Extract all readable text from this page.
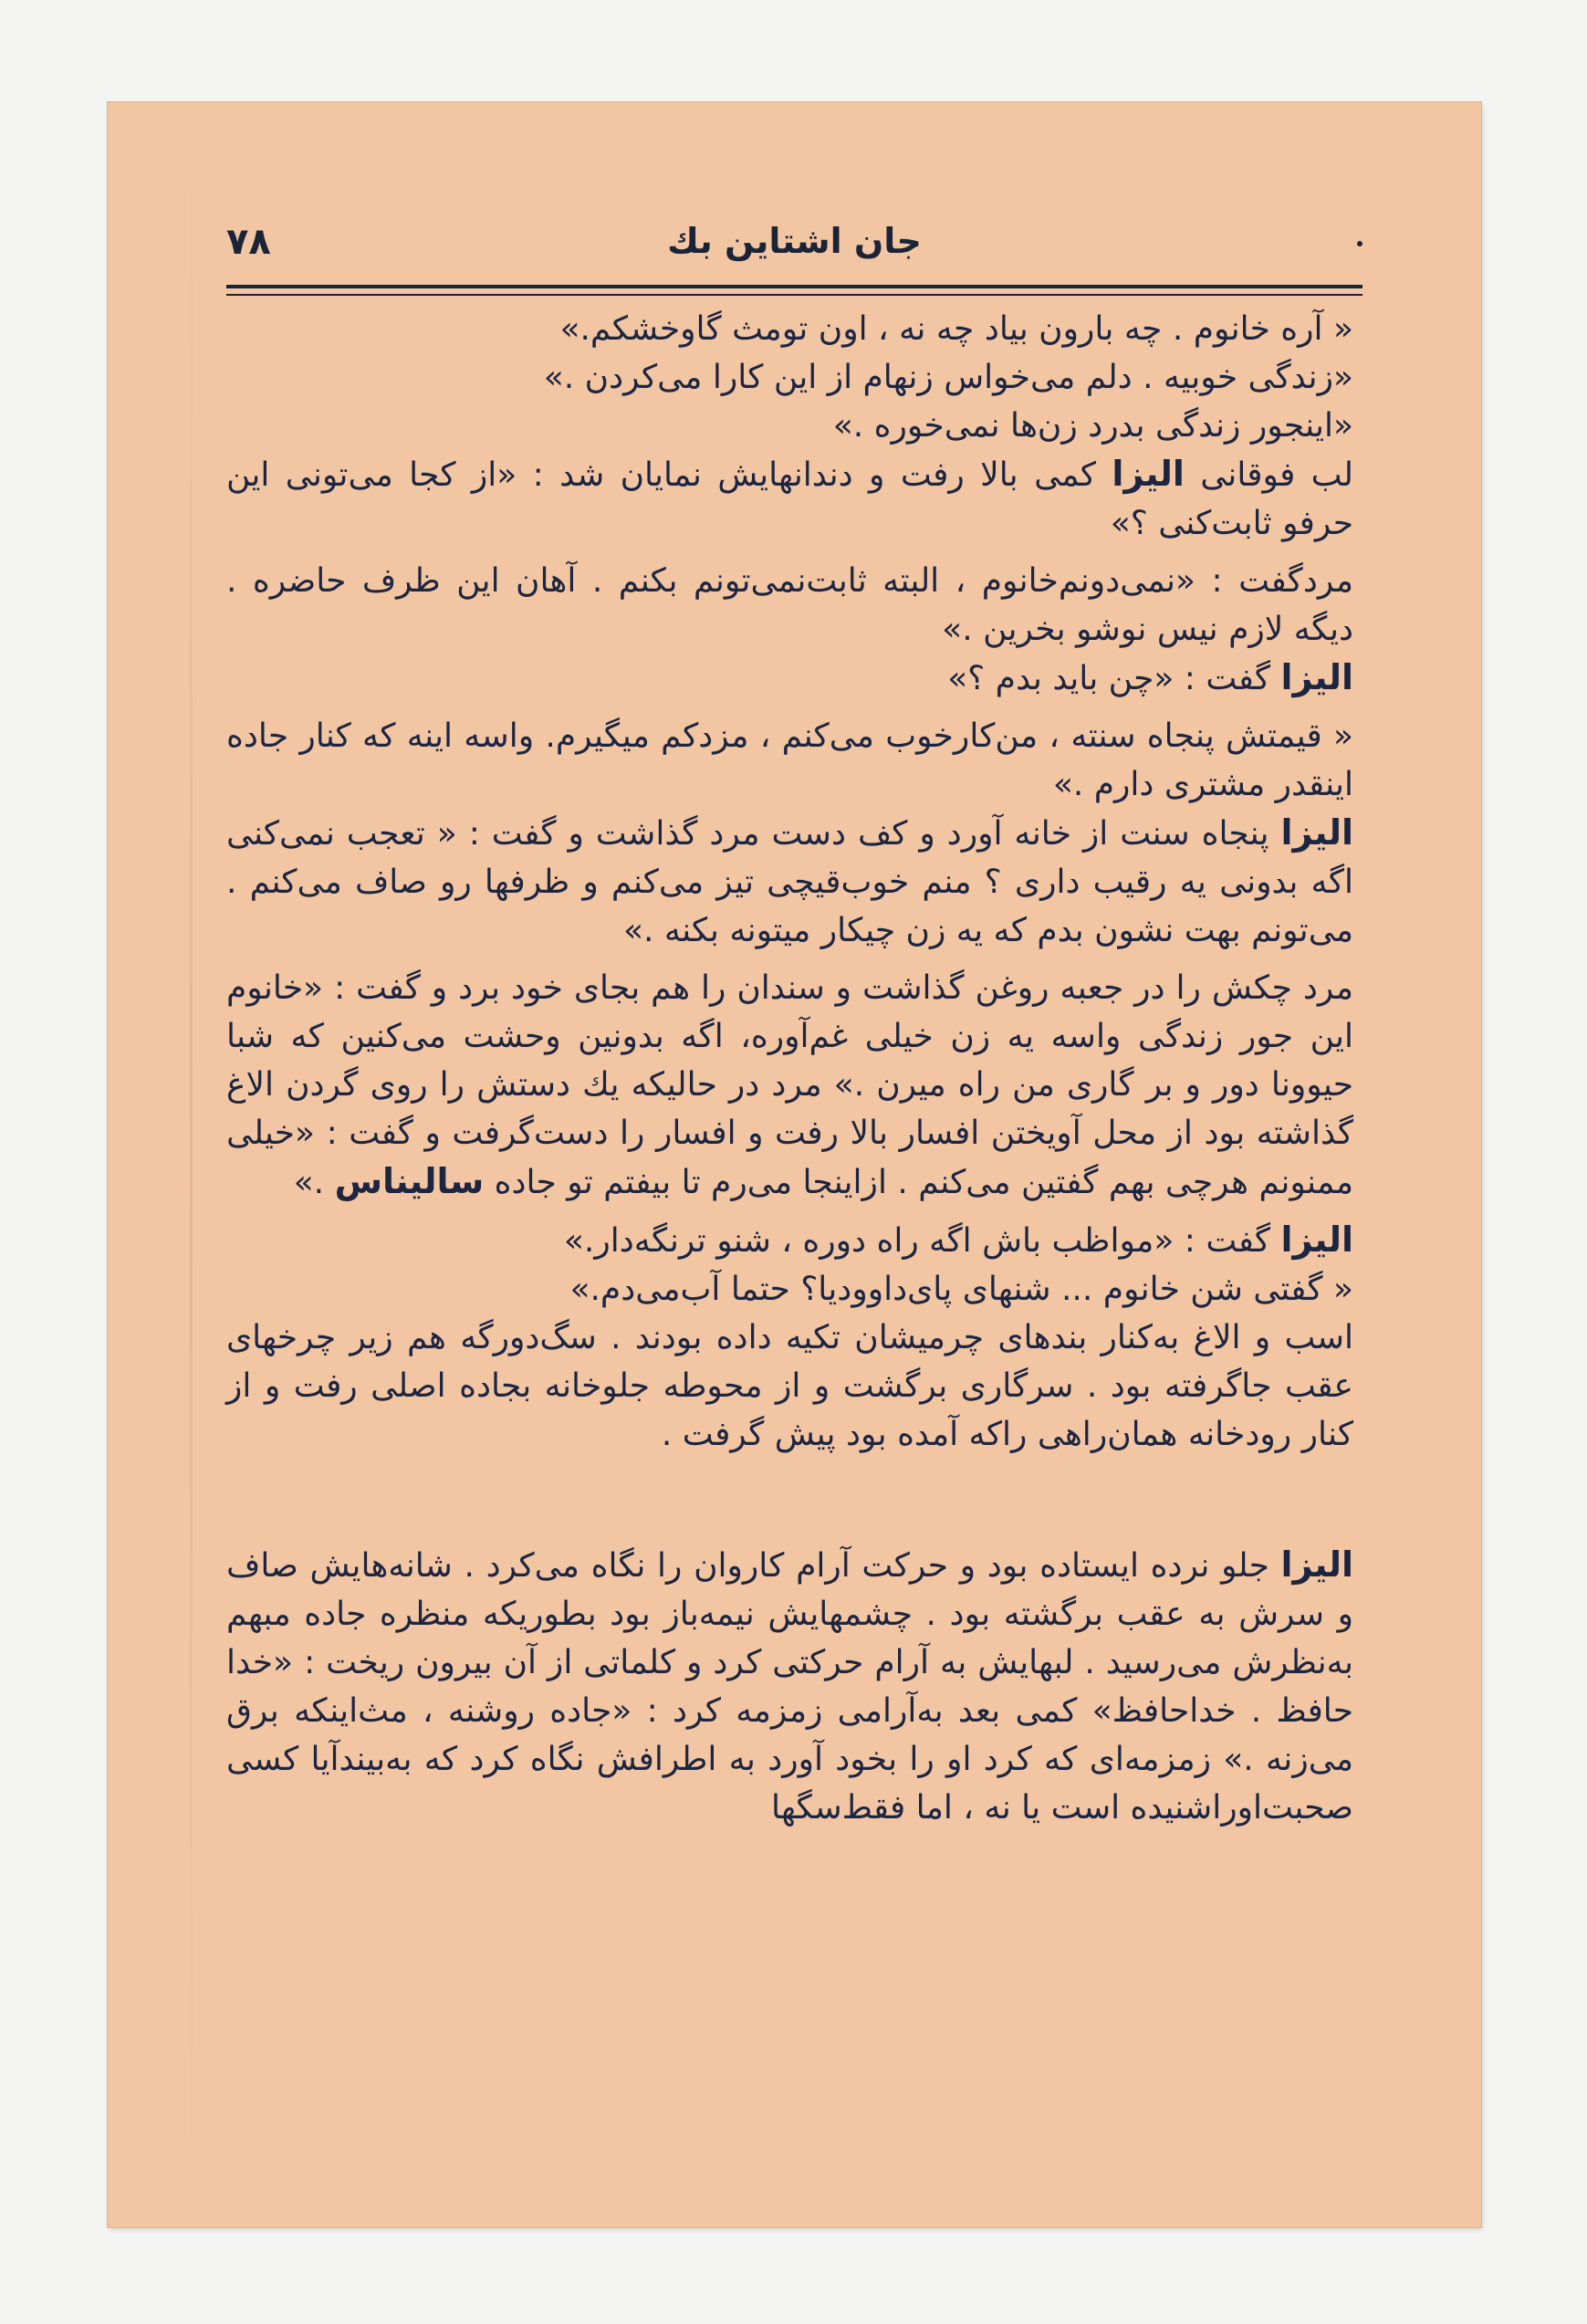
۷۸	جان اشتاین بك

« آره خانوم . چه بارون بیاد چه نه ، اون تومث گاوخشکم.»

«زندگی خوبیه . دلم می‌خواس زنهام از این کارا می‌کردن .»

«اینجور زندگی بدرد زن‌ها نمی‌خوره .»

لب فوقانی الیزا کمی بالا رفت و دندانهایش نمایان شد : «از کجا می‌تونی این حرفو ثابت‌کنی ؟»

مردگفت : «نمی‌دونم‌خانوم ، البته ثابت‌نمی‌تونم بکنم . آهان این ظرف حاضره . دیگه لازم نیس نوشو بخرین .»

الیزا گفت : «چن باید بدم ؟»

« قیمتش پنجاه سنته ، من‌کارخوب می‌کنم ، مزدکم میگیرم. واسه اینه که کنار جاده اینقدر مشتری دارم .»

الیزا پنجاه سنت از خانه آورد و کف دست مرد گذاشت و گفت : « تعجب نمی‌کنی اگه بدونی یه رقیب داری ؟ منم خوب‌قیچی تیز می‌کنم و ظرفها رو صاف می‌کنم . می‌تونم بهت نشون بدم که یه زن چیکار میتونه بکنه .»

مرد چکش را در جعبه روغن گذاشت و سندان را هم بجای خود برد و گفت : «خانوم این جور زندگی واسه یه زن خیلی غم‌آوره، اگه بدونین وحشت می‌کنین که شبا حیوونا دور و بر گاری من راه میرن .» مرد در حالیکه یك دستش را روی گردن الاغ گذاشته بود از محل آویختن افسار بالا رفت و افسار را دست‌گرفت و گفت : «خیلی ممنونم هرچی بهم گفتین می‌کنم . ازاینجا می‌رم تا بیفتم تو جاده سالیناس .»

الیزا گفت : «مواظب باش اگه راه دوره ، شنو ترنگه‌دار.»

« گفتی شن خانوم ... شنهای پای‌داوودیا؟ حتما آب‌می‌دم.»

اسب و الاغ به‌کنار بندهای چرمیشان تکیه داده بودند . سگ‌دورگه هم زیر چرخهای عقب جاگرفته بود . سرگاری برگشت و از محوطه جلوخانه بجاده اصلی رفت و از کنار رودخانه همان‌راهی راکه آمده بود پیش گرفت .

الیزا جلو نرده ایستاده بود و حرکت آرام کاروان را نگاه می‌کرد . شانه‌هایش صاف و سرش به عقب برگشته بود . چشمهایش نیمه‌باز بود بطوریکه منظره جاده مبهم به‌نظرش می‌رسید . لبهایش به آرام حرکتی کرد و کلماتی از آن بیرون ریخت : «خدا حافظ . خداحافظ» کمی بعد به‌آرامی زمزمه کرد : «جاده روشنه ، مث‌اینکه برق می‌زنه .» زمزمه‌ای که کرد او را بخود آورد به اطرافش نگاه کرد که به‌بیندآیا کسی صحبت‌اوراشنیده است یا نه ، اما فقط‌سگها
